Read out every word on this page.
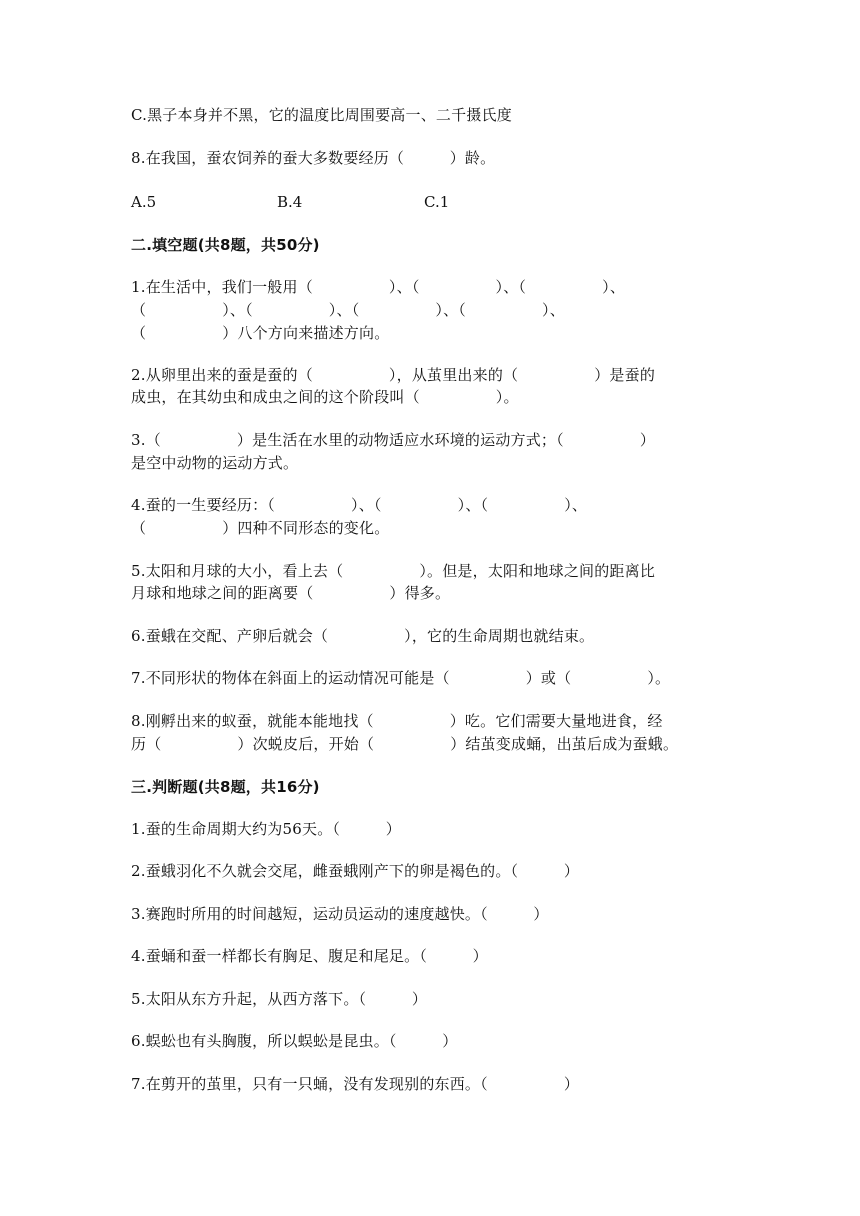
C.黑子本身并不黑，它的温度比周围要高一、二千摄氏度
8.在我国，蚕农饲养的蚕大多数要经历（　　　）龄。
A.5	B.4	C.1
二.填空题(共8题，共50分)
1.在生活中，我们一般用（　　　　　）、（　　　　　）、（　　　　　）、
（　　　　　）、（　　　　　）、（　　　　　）、（　　　　　）、
（　　　　　）八个方向来描述方向。
2.从卵里出来的蚕是蚕的（　　　　　），从茧里出来的（　　　　　）是蚕的
成虫，在其幼虫和成虫之间的这个阶段叫（　　　　　）。
3.（　　　　　）是生活在水里的动物适应水环境的运动方式；（　　　　　）
是空中动物的运动方式。
4.蚕的一生要经历：（　　　　　）、（　　　　　）、（　　　　　）、
（　　　　　）四种不同形态的变化。
5.太阳和月球的大小，看上去（　　　　　）。但是，太阳和地球之间的距离比
月球和地球之间的距离要（　　　　　）得多。
6.蚕蛾在交配、产卵后就会（　　　　　），它的生命周期也就结束。
7.不同形状的物体在斜面上的运动情况可能是（　　　　　）或（　　　　　）。
8.刚孵出来的蚁蚕，就能本能地找（　　　　　）吃。它们需要大量地进食，经
历（　　　　　）次蜕皮后，开始（　　　　　）结茧变成蛹，出茧后成为蚕蛾。
三.判断题(共8题，共16分)
1.蚕的生命周期大约为56天。（　　　）
2.蚕蛾羽化不久就会交尾，雌蚕蛾刚产下的卵是褐色的。（　　　）
3.赛跑时所用的时间越短，运动员运动的速度越快。（　　　）
4.蚕蛹和蚕一样都长有胸足、腹足和尾足。（　　　）
5.太阳从东方升起，从西方落下。（　　　）
6.蜈蚣也有头胸腹，所以蜈蚣是昆虫。（　　　）
7.在剪开的茧里，只有一只蛹，没有发现别的东西。（　　　　　）
